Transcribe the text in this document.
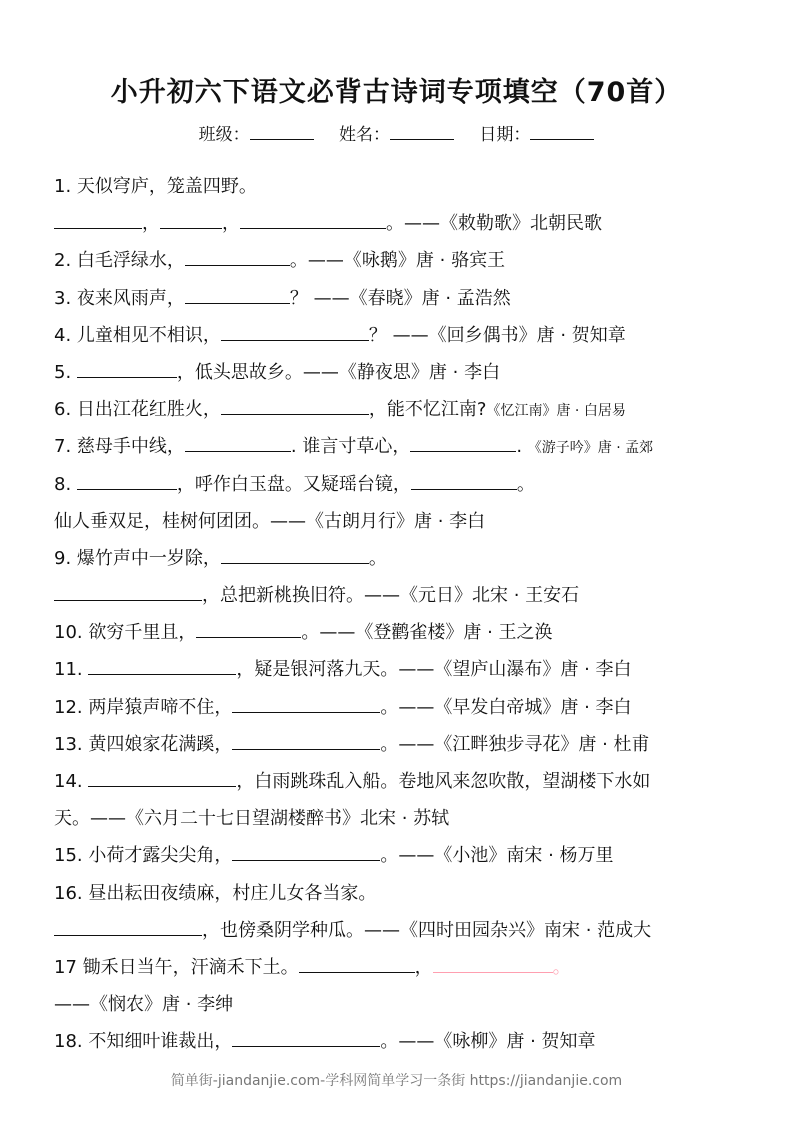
小升初六下语文必背古诗词专项填空（70首）
班级：	姓名：	日期：
1. 天似穹庐，笼盖四野。
，	，	。——《敕勒歌》北朝民歌
2. 白毛浮绿水，	。——《咏鹅》唐 · 骆宾王
3. 夜来风雨声，	？ ——《春晓》唐 · 孟浩然
4. 儿童相见不相识，	？ ——《回乡偶书》唐 · 贺知章
5.	，低头思故乡。——《静夜思》唐 · 李白
6. 日出江花红胜火，	，能不忆江南?《忆江南》唐 · 白居易
7. 慈母手中线，	. 谁言寸草心，	. 《游子吟》唐 · 孟郊
8.	，呼作白玉盘。又疑瑶台镜，	。
仙人垂双足，桂树何团团。——《古朗月行》唐 · 李白
9. 爆竹声中一岁除，	。
，总把新桃换旧符。——《元日》北宋 · 王安石
10. 欲穷千里且，	。——《登鹳雀楼》唐 · 王之涣
11.	，疑是银河落九天。——《望庐山瀑布》唐 · 李白
12. 两岸猿声啼不住，	。——《早发白帝城》唐 · 李白
13. 黄四娘家花满蹊，	。——《江畔独步寻花》唐 · 杜甫
14.	，白雨跳珠乱入船。卷地风来忽吹散，望湖楼下水如
天。——《六月二十七日望湖楼醉书》北宋 · 苏轼
15. 小荷才露尖尖角，	。——《小池》南宋 · 杨万里
16. 昼出耘田夜绩麻，村庄儿女各当家。
，也傍桑阴学种瓜。——《四时田园杂兴》南宋 · 范成大
17 锄禾日当午，汗滴禾下土。	，	。
——《悯农》唐 · 李绅
18. 不知细叶谁裁出，	。——《咏柳》唐 · 贺知章
简单街-jiandanjie.com-学科网简单学习一条街 https://jiandanjie.com
